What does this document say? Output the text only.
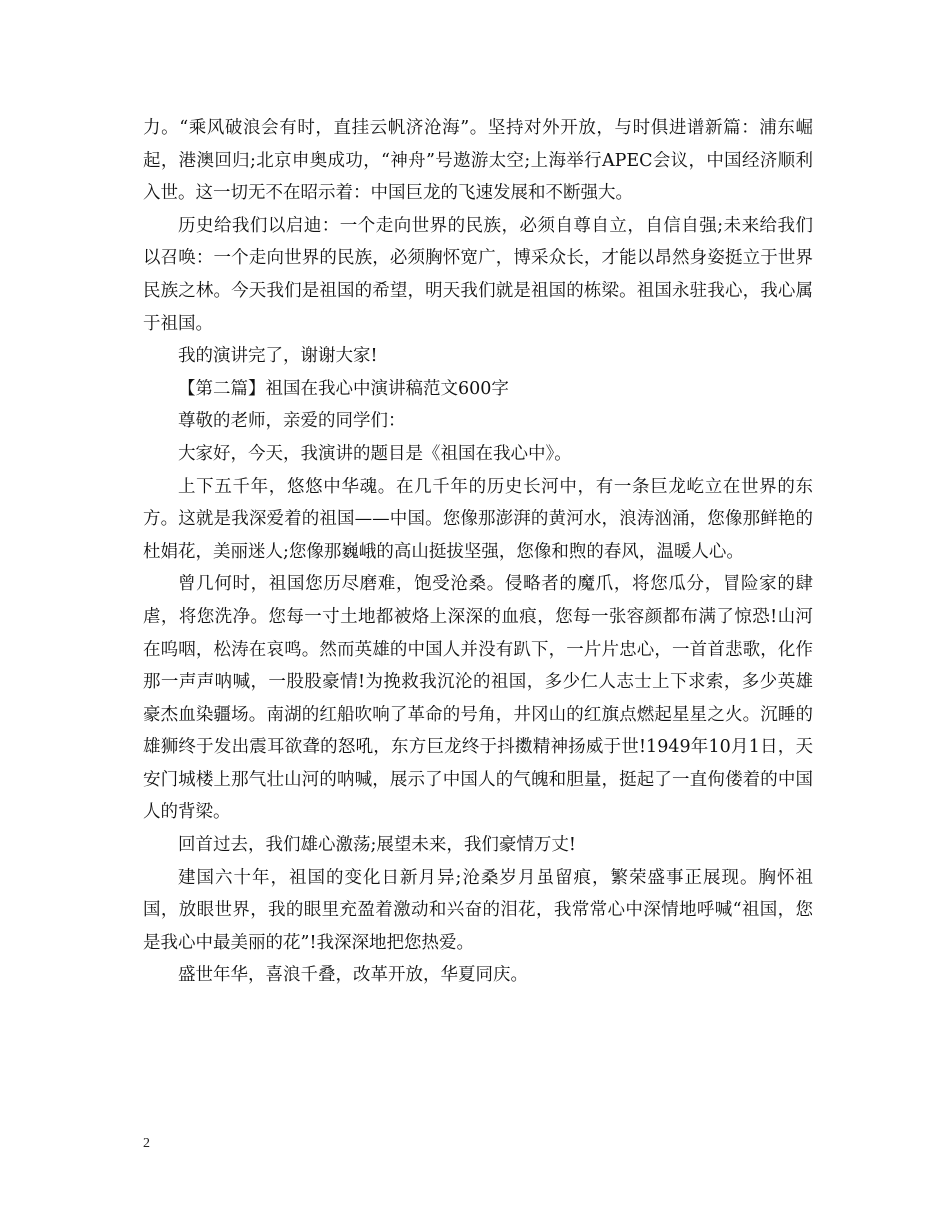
力。“乘风破浪会有时，直挂云帆济沧海”。坚持对外开放，与时俱进谱新篇：浦东崛起，港澳回归;北京申奥成功，“神舟”号遨游太空;上海举行APEC会议，中国经济顺利入世。这一切无不在昭示着：中国巨龙的飞速发展和不断强大。

历史给我们以启迪：一个走向世界的民族，必须自尊自立，自信自强;未来给我们以召唤：一个走向世界的民族，必须胸怀宽广，博采众长，才能以昂然身姿挺立于世界民族之林。今天我们是祖国的希望，明天我们就是祖国的栋梁。祖国永驻我心，我心属于祖国。

我的演讲完了，谢谢大家!

【第二篇】祖国在我心中演讲稿范文600字

尊敬的老师，亲爱的同学们：

大家好，今天，我演讲的题目是《祖国在我心中》。

上下五千年，悠悠中华魂。在几千年的历史长河中，有一条巨龙屹立在世界的东方。这就是我深爱着的祖国——中国。您像那澎湃的黄河水，浪涛汹涌，您像那鲜艳的杜娟花，美丽迷人;您像那巍峨的高山挺拔坚强，您像和煦的春风，温暖人心。

曾几何时，祖国您历尽磨难，饱受沧桑。侵略者的魔爪，将您瓜分，冒险家的肆虐，将您洗净。您每一寸土地都被烙上深深的血痕，您每一张容颜都布满了惊恐!山河在呜咽，松涛在哀鸣。然而英雄的中国人并没有趴下，一片片忠心，一首首悲歌，化作那一声声呐喊，一股股豪情!为挽救我沉沦的祖国，多少仁人志士上下求索，多少英雄豪杰血染疆场。南湖的红船吹响了革命的号角，井冈山的红旗点燃起星星之火。沉睡的雄狮终于发出震耳欲聋的怒吼，东方巨龙终于抖擞精神扬威于世!1949年10月1日，天安门城楼上那气壮山河的呐喊，展示了中国人的气魄和胆量，挺起了一直佝偻着的中国人的背梁。

回首过去，我们雄心激荡;展望未来，我们豪情万丈!

建国六十年，祖国的变化日新月异;沧桑岁月虽留痕，繁荣盛事正展现。胸怀祖国，放眼世界，我的眼里充盈着激动和兴奋的泪花，我常常心中深情地呼喊“祖国，您是我心中最美丽的花”!我深深地把您热爱。

盛世年华，喜浪千叠，改革开放，华夏同庆。

2
